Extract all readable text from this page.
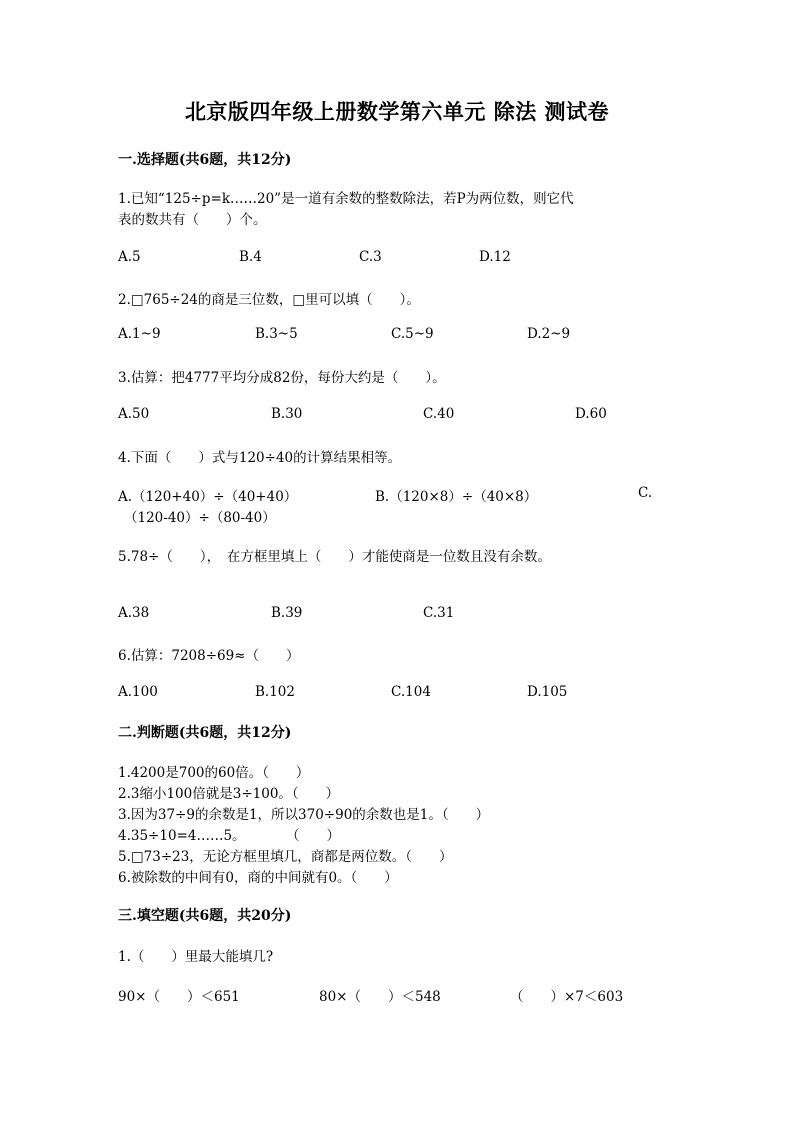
北京版四年级上册数学第六单元 除法 测试卷
一.选择题(共6题，共12分)
1.已知“125÷p=k……20”是一道有余数的整数除法，若P为两位数，则它代
表的数共有（　　）个。
A.5	B.4	C.3	D.12
2.□765÷24的商是三位数，□里可以填（　　）。
A.1~9	B.3~5	C.5~9	D.2~9
3.估算：把4777平均分成82份，每份大约是（　　）。
A.50	B.30	C.40	D.60
4.下面（　　）式与120÷40的计算结果相等。
A.（120+40）÷（40+40）	B.（120×8）÷（40×8）	C.
（120-40）÷（80-40）
5.78÷（　　），　在方框里填上（　　）才能使商是一位数且没有余数。
A.38	B.39	C.31
6.估算：7208÷69≈（　　）
A.100	B.102	C.104	D.105
二.判断题(共6题，共12分)
1.4200是700的60倍。（　　）
2.3缩小100倍就是3÷100。（　　）
3.因为37÷9的余数是1，所以370÷90的余数也是1。（　　）
4.35÷10=4……5。　　　　（　　）
5.□73÷23，无论方框里填几，商都是两位数。（　　）
6.被除数的中间有0，商的中间就有0。（　　）
三.填空题(共6题，共20分)
1.（　　）里最大能填几?
90×（　　）＜651	80×（　　）＜548	（　　）×7＜603
